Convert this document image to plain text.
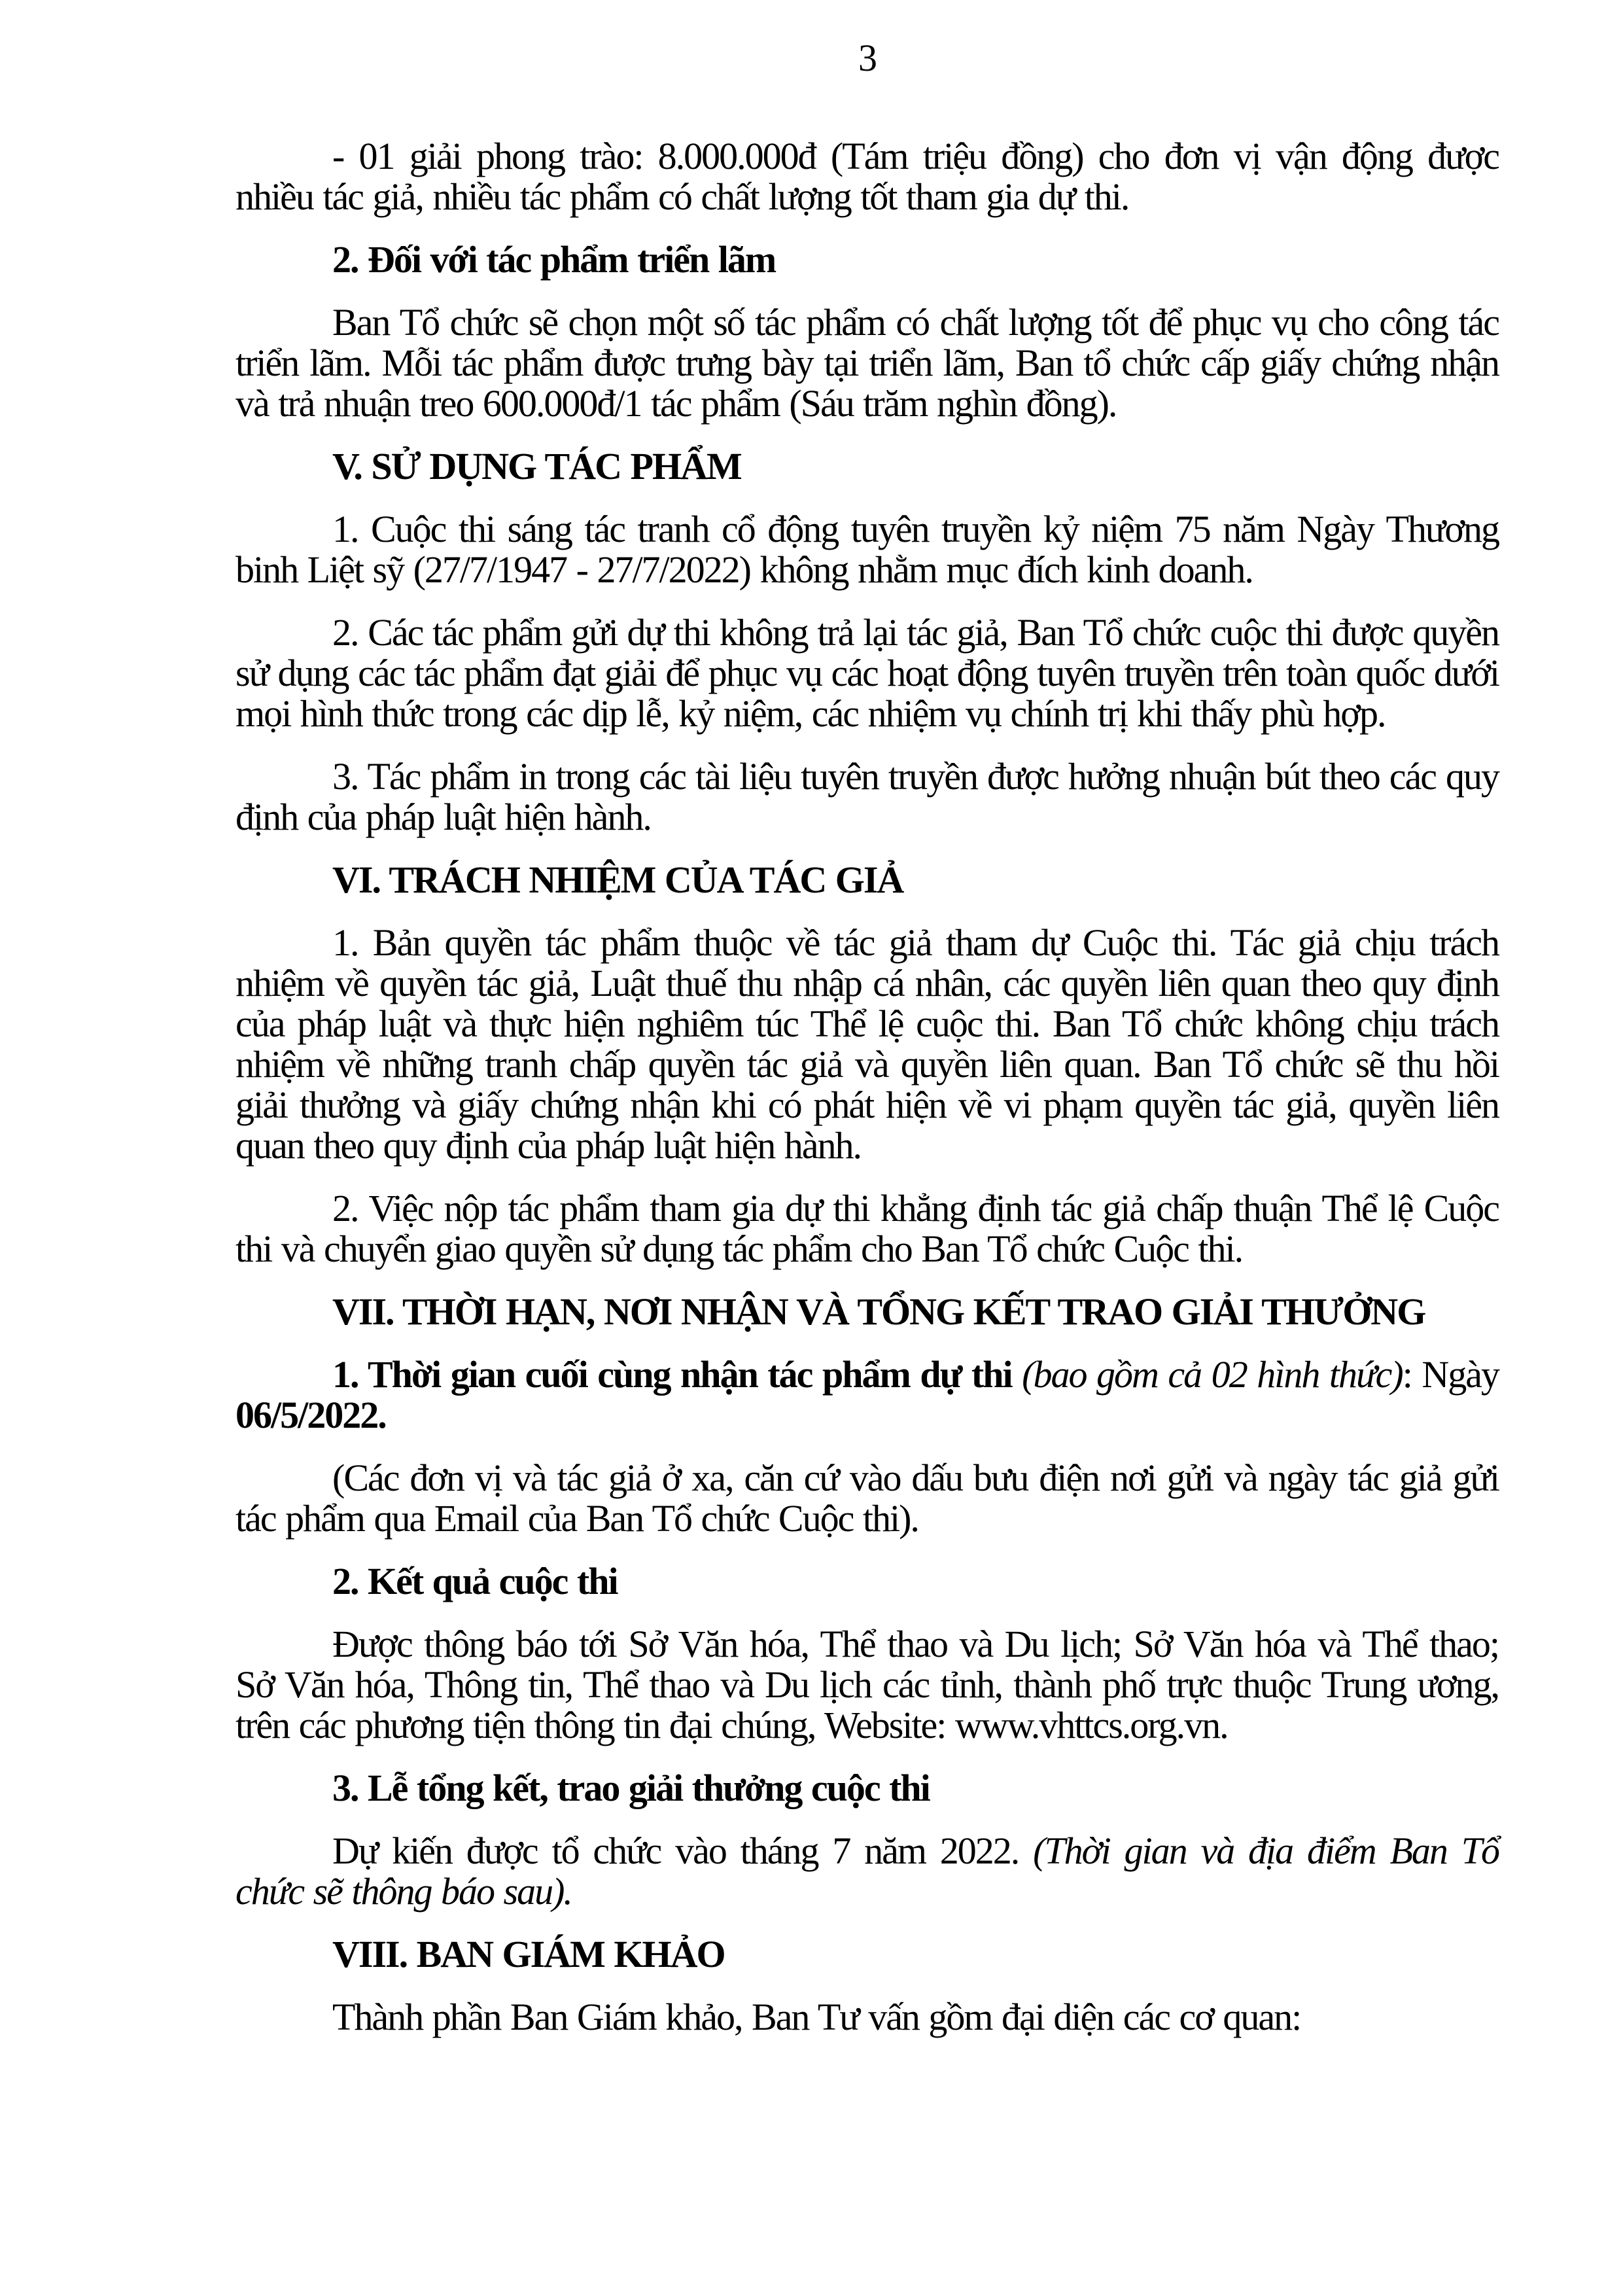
3

- 01 giải phong trào: 8.000.000đ (Tám triệu đồng) cho đơn vị vận động được nhiều tác giả, nhiều tác phẩm có chất lượng tốt tham gia dự thi.

2. Đối với tác phẩm triển lãm

Ban Tổ chức sẽ chọn một số tác phẩm có chất lượng tốt để phục vụ cho công tác triển lãm. Mỗi tác phẩm được trưng bày tại triển lãm, Ban tổ chức cấp giấy chứng nhận và trả nhuận treo 600.000đ/1 tác phẩm (Sáu trăm nghìn đồng).

V. SỬ DỤNG TÁC PHẨM

1. Cuộc thi sáng tác tranh cổ động tuyên truyền kỷ niệm 75 năm Ngày Thương binh Liệt sỹ (27/7/1947 - 27/7/2022) không nhằm mục đích kinh doanh.

2. Các tác phẩm gửi dự thi không trả lại tác giả, Ban Tổ chức cuộc thi được quyền sử dụng các tác phẩm đạt giải để phục vụ các hoạt động tuyên truyền trên toàn quốc dưới mọi hình thức trong các dịp lễ, kỷ niệm, các nhiệm vụ chính trị khi thấy phù hợp.

3. Tác phẩm in trong các tài liệu tuyên truyền được hưởng nhuận bút theo các quy định của pháp luật hiện hành.

VI. TRÁCH NHIỆM CỦA TÁC GIẢ

1. Bản quyền tác phẩm thuộc về tác giả tham dự Cuộc thi. Tác giả chịu trách nhiệm về quyền tác giả, Luật thuế thu nhập cá nhân, các quyền liên quan theo quy định của pháp luật và thực hiện nghiêm túc Thể lệ cuộc thi. Ban Tổ chức không chịu trách nhiệm về những tranh chấp quyền tác giả và quyền liên quan. Ban Tổ chức sẽ thu hồi giải thưởng và giấy chứng nhận khi có phát hiện về vi phạm quyền tác giả, quyền liên quan theo quy định của pháp luật hiện hành.

2. Việc nộp tác phẩm tham gia dự thi khẳng định tác giả chấp thuận Thể lệ Cuộc thi và chuyển giao quyền sử dụng tác phẩm cho Ban Tổ chức Cuộc thi.

VII. THỜI HẠN, NƠI NHẬN VÀ TỔNG KẾT TRAO GIẢI THƯỞNG

1. Thời gian cuối cùng nhận tác phẩm dự thi (bao gồm cả 02 hình thức): Ngày 06/5/2022.

(Các đơn vị và tác giả ở xa, căn cứ vào dấu bưu điện nơi gửi và ngày tác giả gửi tác phẩm qua Email của Ban Tổ chức Cuộc thi).

2. Kết quả cuộc thi

Được thông báo tới Sở Văn hóa, Thể thao và Du lịch; Sở Văn hóa và Thể thao; Sở Văn hóa, Thông tin, Thể thao và Du lịch các tỉnh, thành phố trực thuộc Trung ương, trên các phương tiện thông tin đại chúng, Website: www.vhttcs.org.vn.

3. Lễ tổng kết, trao giải thưởng cuộc thi

Dự kiến được tổ chức vào tháng 7 năm 2022. (Thời gian và địa điểm Ban Tổ chức sẽ thông báo sau).

VIII. BAN GIÁM KHẢO

Thành phần Ban Giám khảo, Ban Tư vấn gồm đại diện các cơ quan:
